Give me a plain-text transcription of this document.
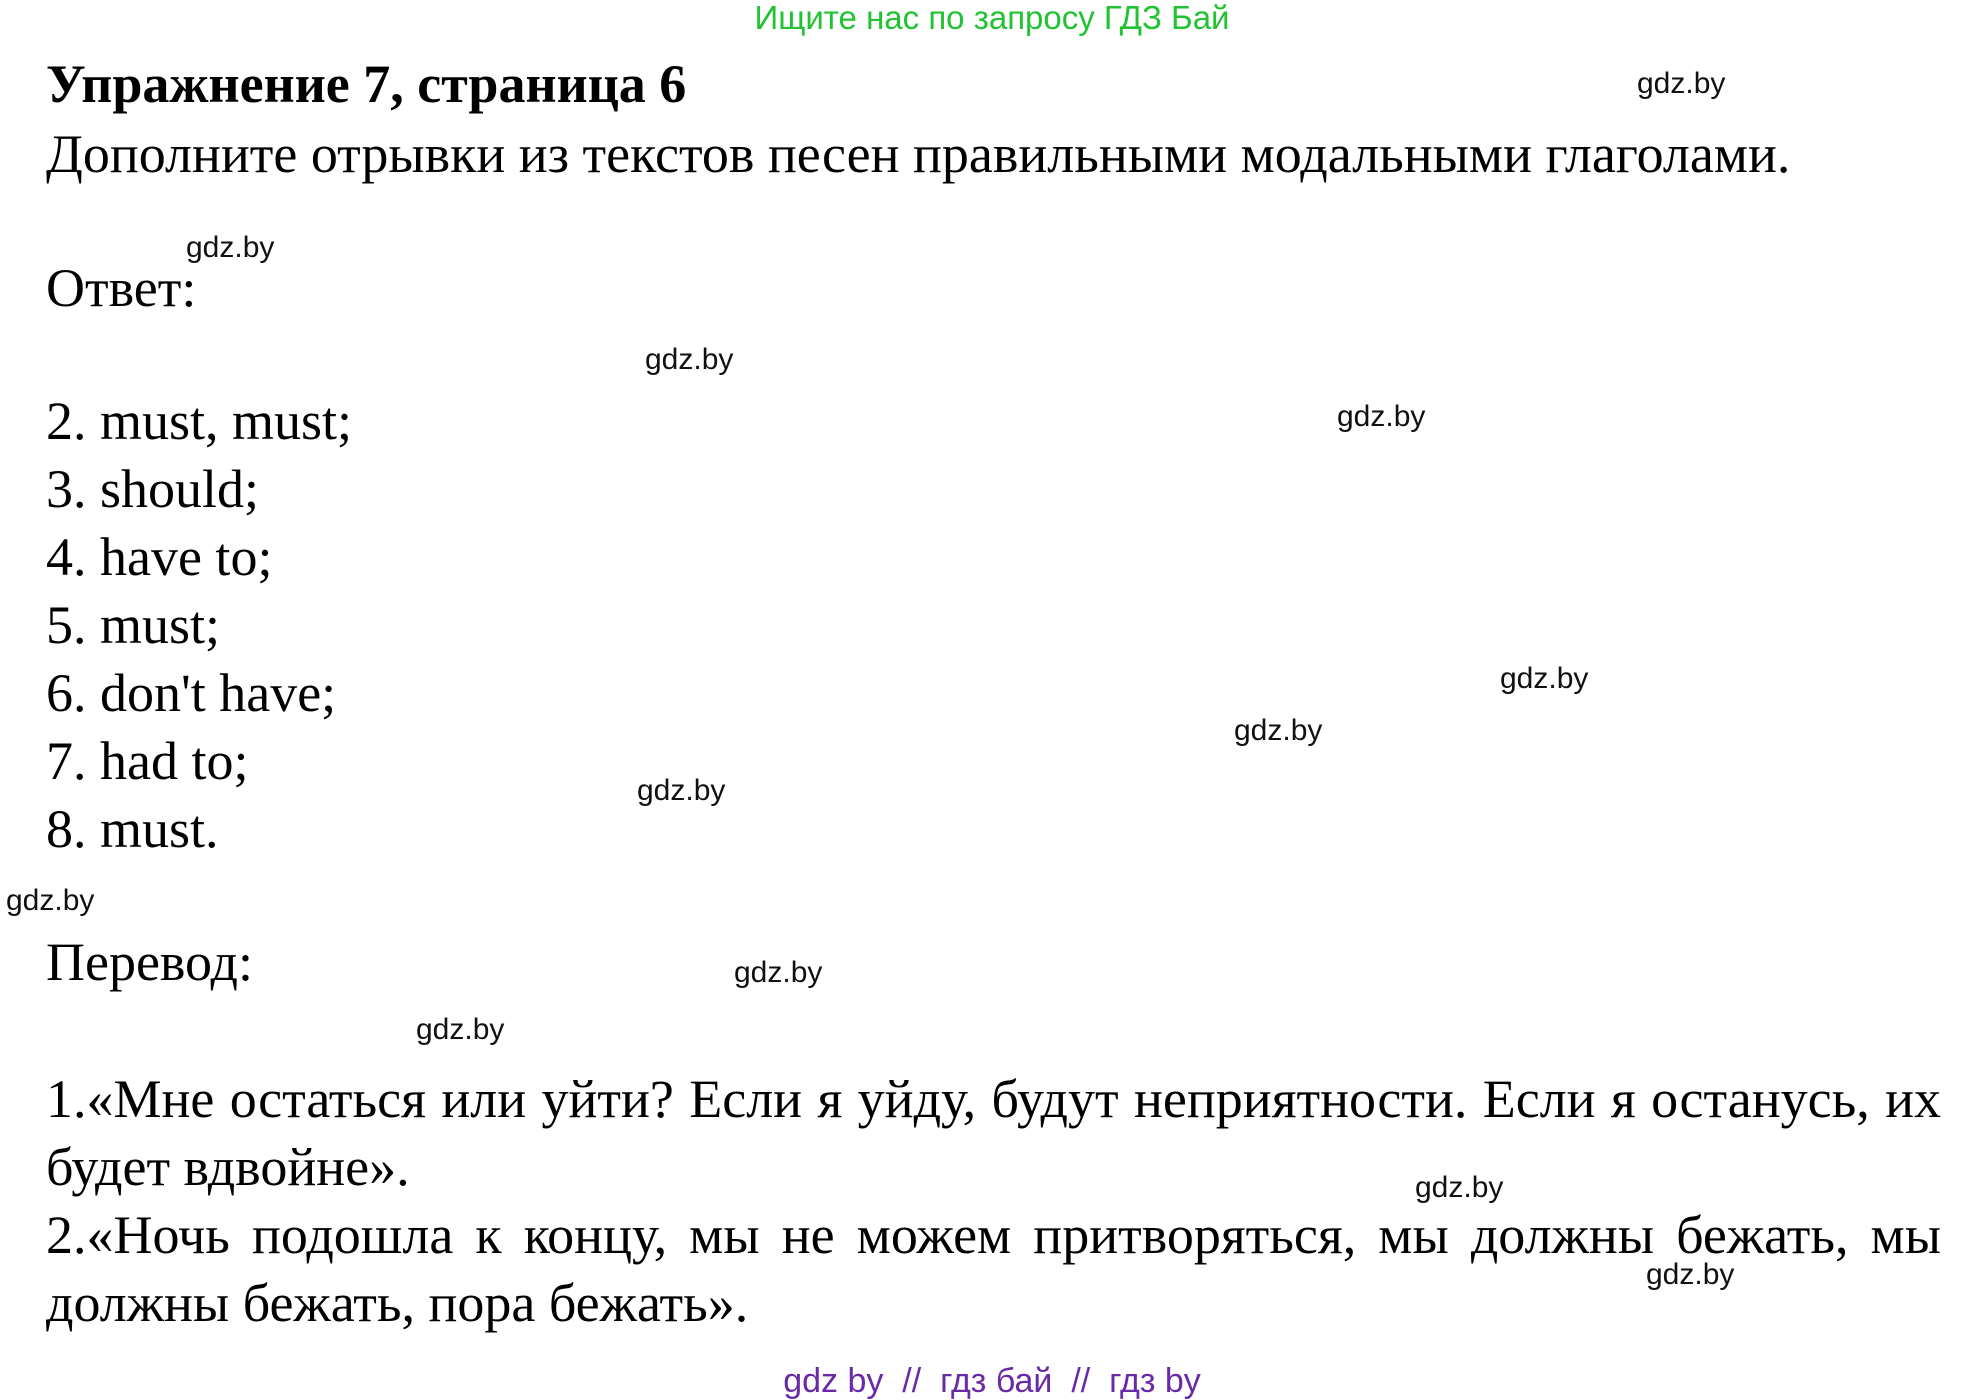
Ищите нас по запросу ГДЗ Бай
Упражнение 7, страница 6

Дополните отрывки из текстов песен правильными модальными глаголами.

Ответ:
2. must, must;
3. should;
4. have to;
5. must;
6. don't have;
7. had to;
8. must.
Перевод:

1.«Мне остаться или уйти? Если я уйду, будут неприятности. Если я останусь, их будет вдвойне».

2.«Ночь подошла к концу, мы не можем притворяться, мы должны бежать, мы должны бежать, пора бежать».

gdz.by
gdz.by
gdz.by
gdz.by
gdz.by
gdz.by
gdz.by
gdz.by
gdz.by
gdz.by
gdz.by
gdz.by
gdz by  //  гдз бай  //  гдз by
